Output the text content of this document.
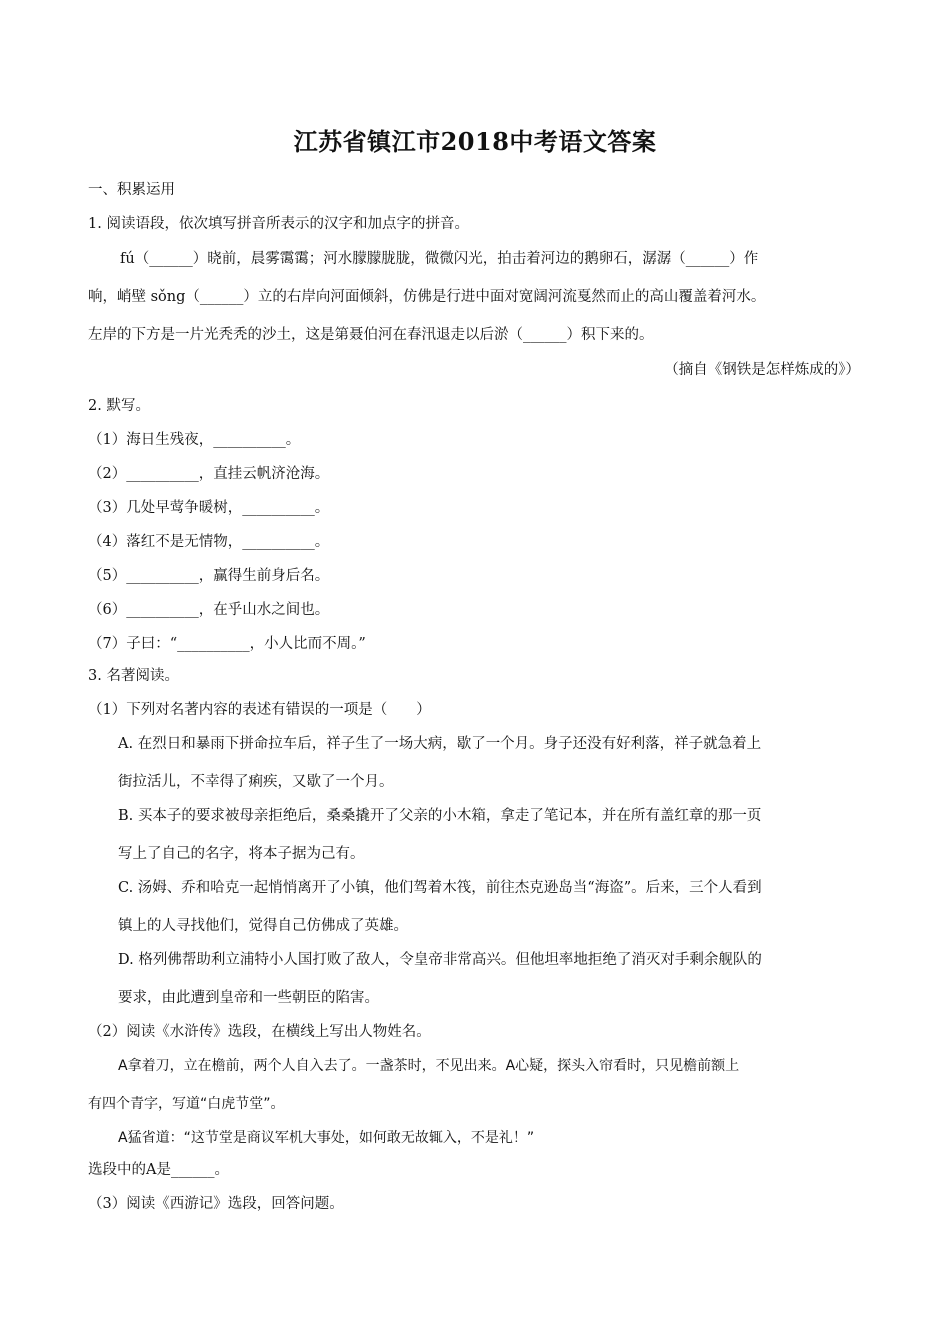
江苏省镇江市2018中考语文答案
一、积累运用
1. 阅读语段，依次填写拼音所表示的汉字和加点字的拼音。
fú（______）晓前，晨雾霭霭；河水朦朦胧胧，微微闪光，拍击着河边的鹅卵石，潺潺（______）作
响，峭壁 sǒng（______）立的右岸向河面倾斜，仿佛是行进中面对宽阔河流戛然而止的高山覆盖着河水。
左岸的下方是一片光秃秃的沙土，这是第聂伯河在春汛退走以后淤（______）积下来的。
（摘自《钢铁是怎样炼成的》）
2. 默写。
（1）海日生残夜，__________。
（2）__________，直挂云帆济沧海。
（3）几处早莺争暖树，__________。
（4）落红不是无情物，__________。
（5）__________，赢得生前身后名。
（6）__________，在乎山水之间也。
（7）子曰：“__________，小人比而不周。”
3. 名著阅读。
（1）下列对名著内容的表述有错误的一项是（　　）
A. 在烈日和暴雨下拼命拉车后，祥子生了一场大病，歇了一个月。身子还没有好利落，祥子就急着上
街拉活儿，不幸得了痢疾，又歇了一个月。
B. 买本子的要求被母亲拒绝后，桑桑撬开了父亲的小木箱，拿走了笔记本，并在所有盖红章的那一页
写上了自己的名字，将本子据为己有。
C. 汤姆、乔和哈克一起悄悄离开了小镇，他们驾着木筏，前往杰克逊岛当“海盗”。后来，三个人看到
镇上的人寻找他们，觉得自己仿佛成了英雄。
D. 格列佛帮助利立浦特小人国打败了敌人，令皇帝非常高兴。但他坦率地拒绝了消灭对手剩余舰队的
要求，由此遭到皇帝和一些朝臣的陷害。
（2）阅读《水浒传》选段，在横线上写出人物姓名。
A拿着刀，立在檐前，两个人自入去了。一盏茶时，不见出来。A心疑，探头入帘看时，只见檐前额上
有四个青字，写道“白虎节堂”。
A猛省道：“这节堂是商议军机大事处，如何敢无故辄入，不是礼！”
选段中的A是______。
（3）阅读《西游记》选段，回答问题。
